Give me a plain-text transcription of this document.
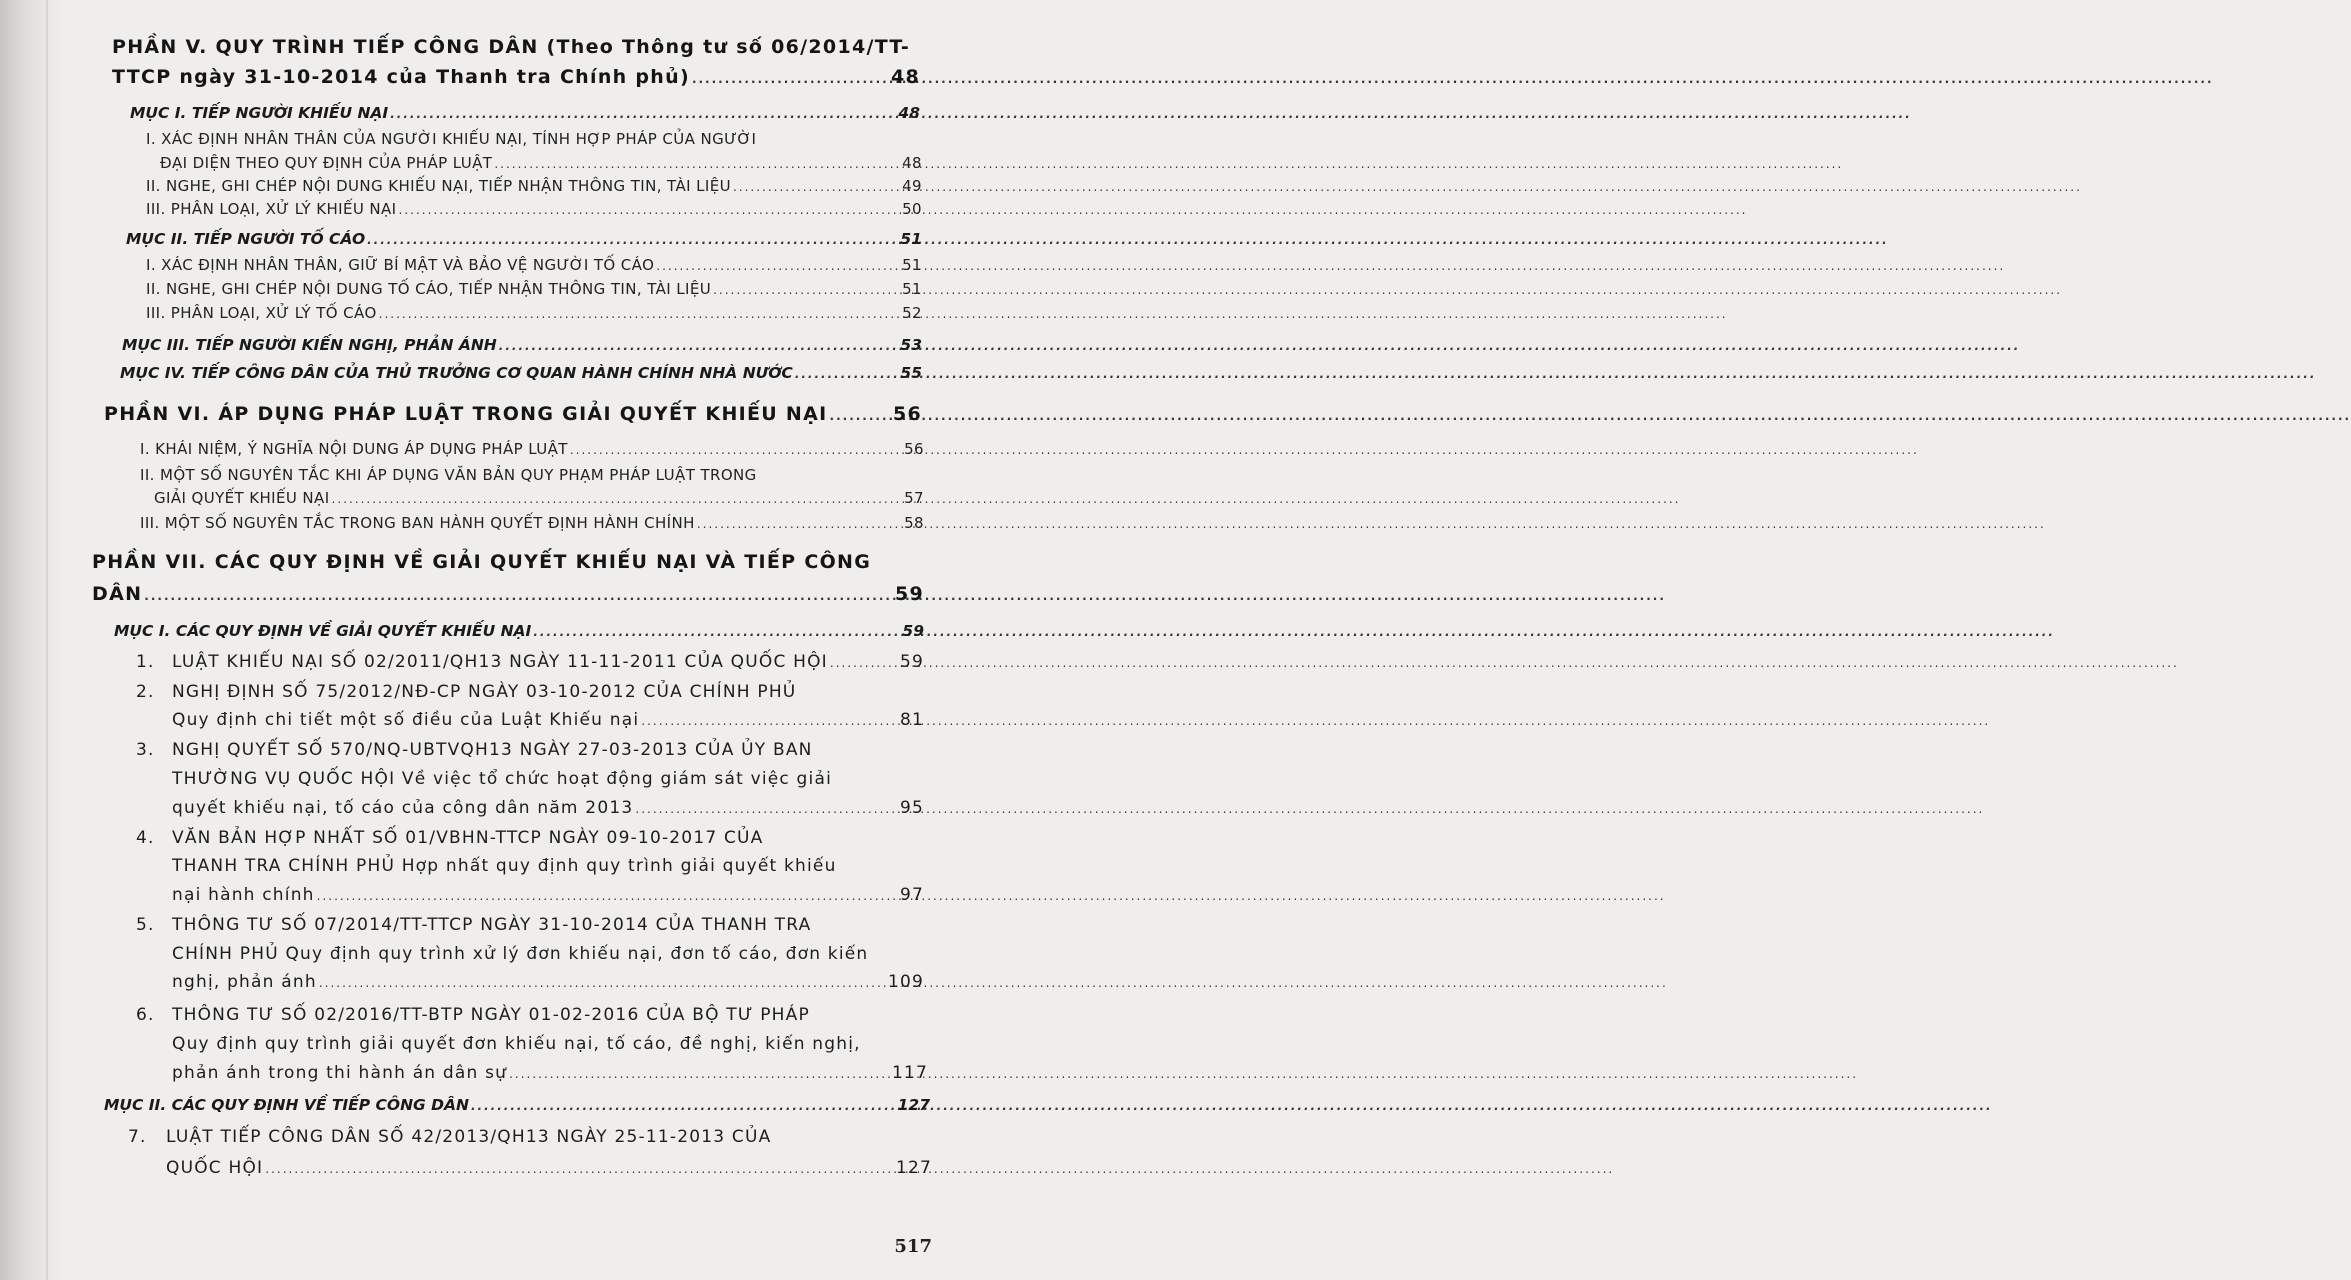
PHẦN V. QUY TRÌNH TIẾP CÔNG DÂN (Theo Thông tư số 06/2014/TT-
TTCP ngày 31-10-2014 của Thanh tra Chính phủ) .....	48
MỤC I. TIẾP NGƯỜI KHIẾU NẠI .....	48
I. XÁC ĐỊNH NHÂN THÂN CỦA NGƯỜI KHIẾU NẠI, TÍNH HỢP PHÁP CỦA NGƯỜI
ĐẠI DIỆN THEO QUY ĐỊNH CỦA PHÁP LUẬT .....	48
II. NGHE, GHI CHÉP NỘI DUNG KHIẾU NẠI, TIẾP NHẬN THÔNG TIN, TÀI LIỆU .....	49
III. PHÂN LOẠI, XỬ LÝ KHIẾU NẠI .....	50
MỤC II. TIẾP NGƯỜI TỐ CÁO .....	51
I. XÁC ĐỊNH NHÂN THÂN, GIỮ BÍ MẬT VÀ BẢO VỆ NGƯỜI TỐ CÁO .....	51
II. NGHE, GHI CHÉP NỘI DUNG TỐ CÁO, TIẾP NHẬN THÔNG TIN, TÀI LIỆU .....	51
III. PHÂN LOẠI, XỬ LÝ TỐ CÁO .....	52
MỤC III. TIẾP NGƯỜI KIẾN NGHỊ, PHẢN ÁNH .....	53
MỤC IV. TIẾP CÔNG DÂN CỦA THỦ TRƯỞNG CƠ QUAN HÀNH CHÍNH NHÀ NƯỚC .....	55
PHẦN VI. ÁP DỤNG PHÁP LUẬT TRONG GIẢI QUYẾT KHIẾU NẠI .....	56
I. KHÁI NIỆM, Ý NGHĨA NỘI DUNG ÁP DỤNG PHÁP LUẬT .....	56
II. MỘT SỐ NGUYÊN TẮC KHI ÁP DỤNG VĂN BẢN QUY PHẠM PHÁP LUẬT TRONG
GIẢI QUYẾT KHIẾU NẠI .....	57
III. MỘT SỐ NGUYÊN TẮC TRONG BAN HÀNH QUYẾT ĐỊNH HÀNH CHÍNH .....	58
PHẦN VII. CÁC QUY ĐỊNH VỀ GIẢI QUYẾT KHIẾU NẠI VÀ TIẾP CÔNG
DÂN .....	59
MỤC I. CÁC QUY ĐỊNH VỀ GIẢI QUYẾT KHIẾU NẠI .....	59
1. LUẬT KHIẾU NẠI SỐ 02/2011/QH13 NGÀY 11-11-2011 CỦA QUỐC HỘI .....	59
2. NGHỊ ĐỊNH SỐ 75/2012/NĐ-CP NGÀY 03-10-2012 CỦA CHÍNH PHỦ
Quy định chi tiết một số điều của Luật Khiếu nại .....	81
3. NGHỊ QUYẾT SỐ 570/NQ-UBTVQH13 NGÀY 27-03-2013 CỦA ỦY BAN
THƯỜNG VỤ QUỐC HỘI Về việc tổ chức hoạt động giám sát việc giải
quyết khiếu nại, tố cáo của công dân năm 2013 .....	95
4. VĂN BẢN HỢP NHẤT SỐ 01/VBHN-TTCP NGÀY 09-10-2017 CỦA
THANH TRA CHÍNH PHỦ Hợp nhất quy định quy trình giải quyết khiếu
nại hành chính .....	97
5. THÔNG TƯ SỐ 07/2014/TT-TTCP NGÀY 31-10-2014 CỦA THANH TRA
CHÍNH PHỦ Quy định quy trình xử lý đơn khiếu nại, đơn tố cáo, đơn kiến
nghị, phản ánh .....	109
6. THÔNG TƯ SỐ 02/2016/TT-BTP NGÀY 01-02-2016 CỦA BỘ TƯ PHÁP
Quy định quy trình giải quyết đơn khiếu nại, tố cáo, đề nghị, kiến nghị,
phản ánh trong thi hành án dân sự .....	117
MỤC II. CÁC QUY ĐỊNH VỀ TIẾP CÔNG DÂN .....	127
7. LUẬT TIẾP CÔNG DÂN SỐ 42/2013/QH13 NGÀY 25-11-2013 CỦA
QUỐC HỘI .....	127
517
